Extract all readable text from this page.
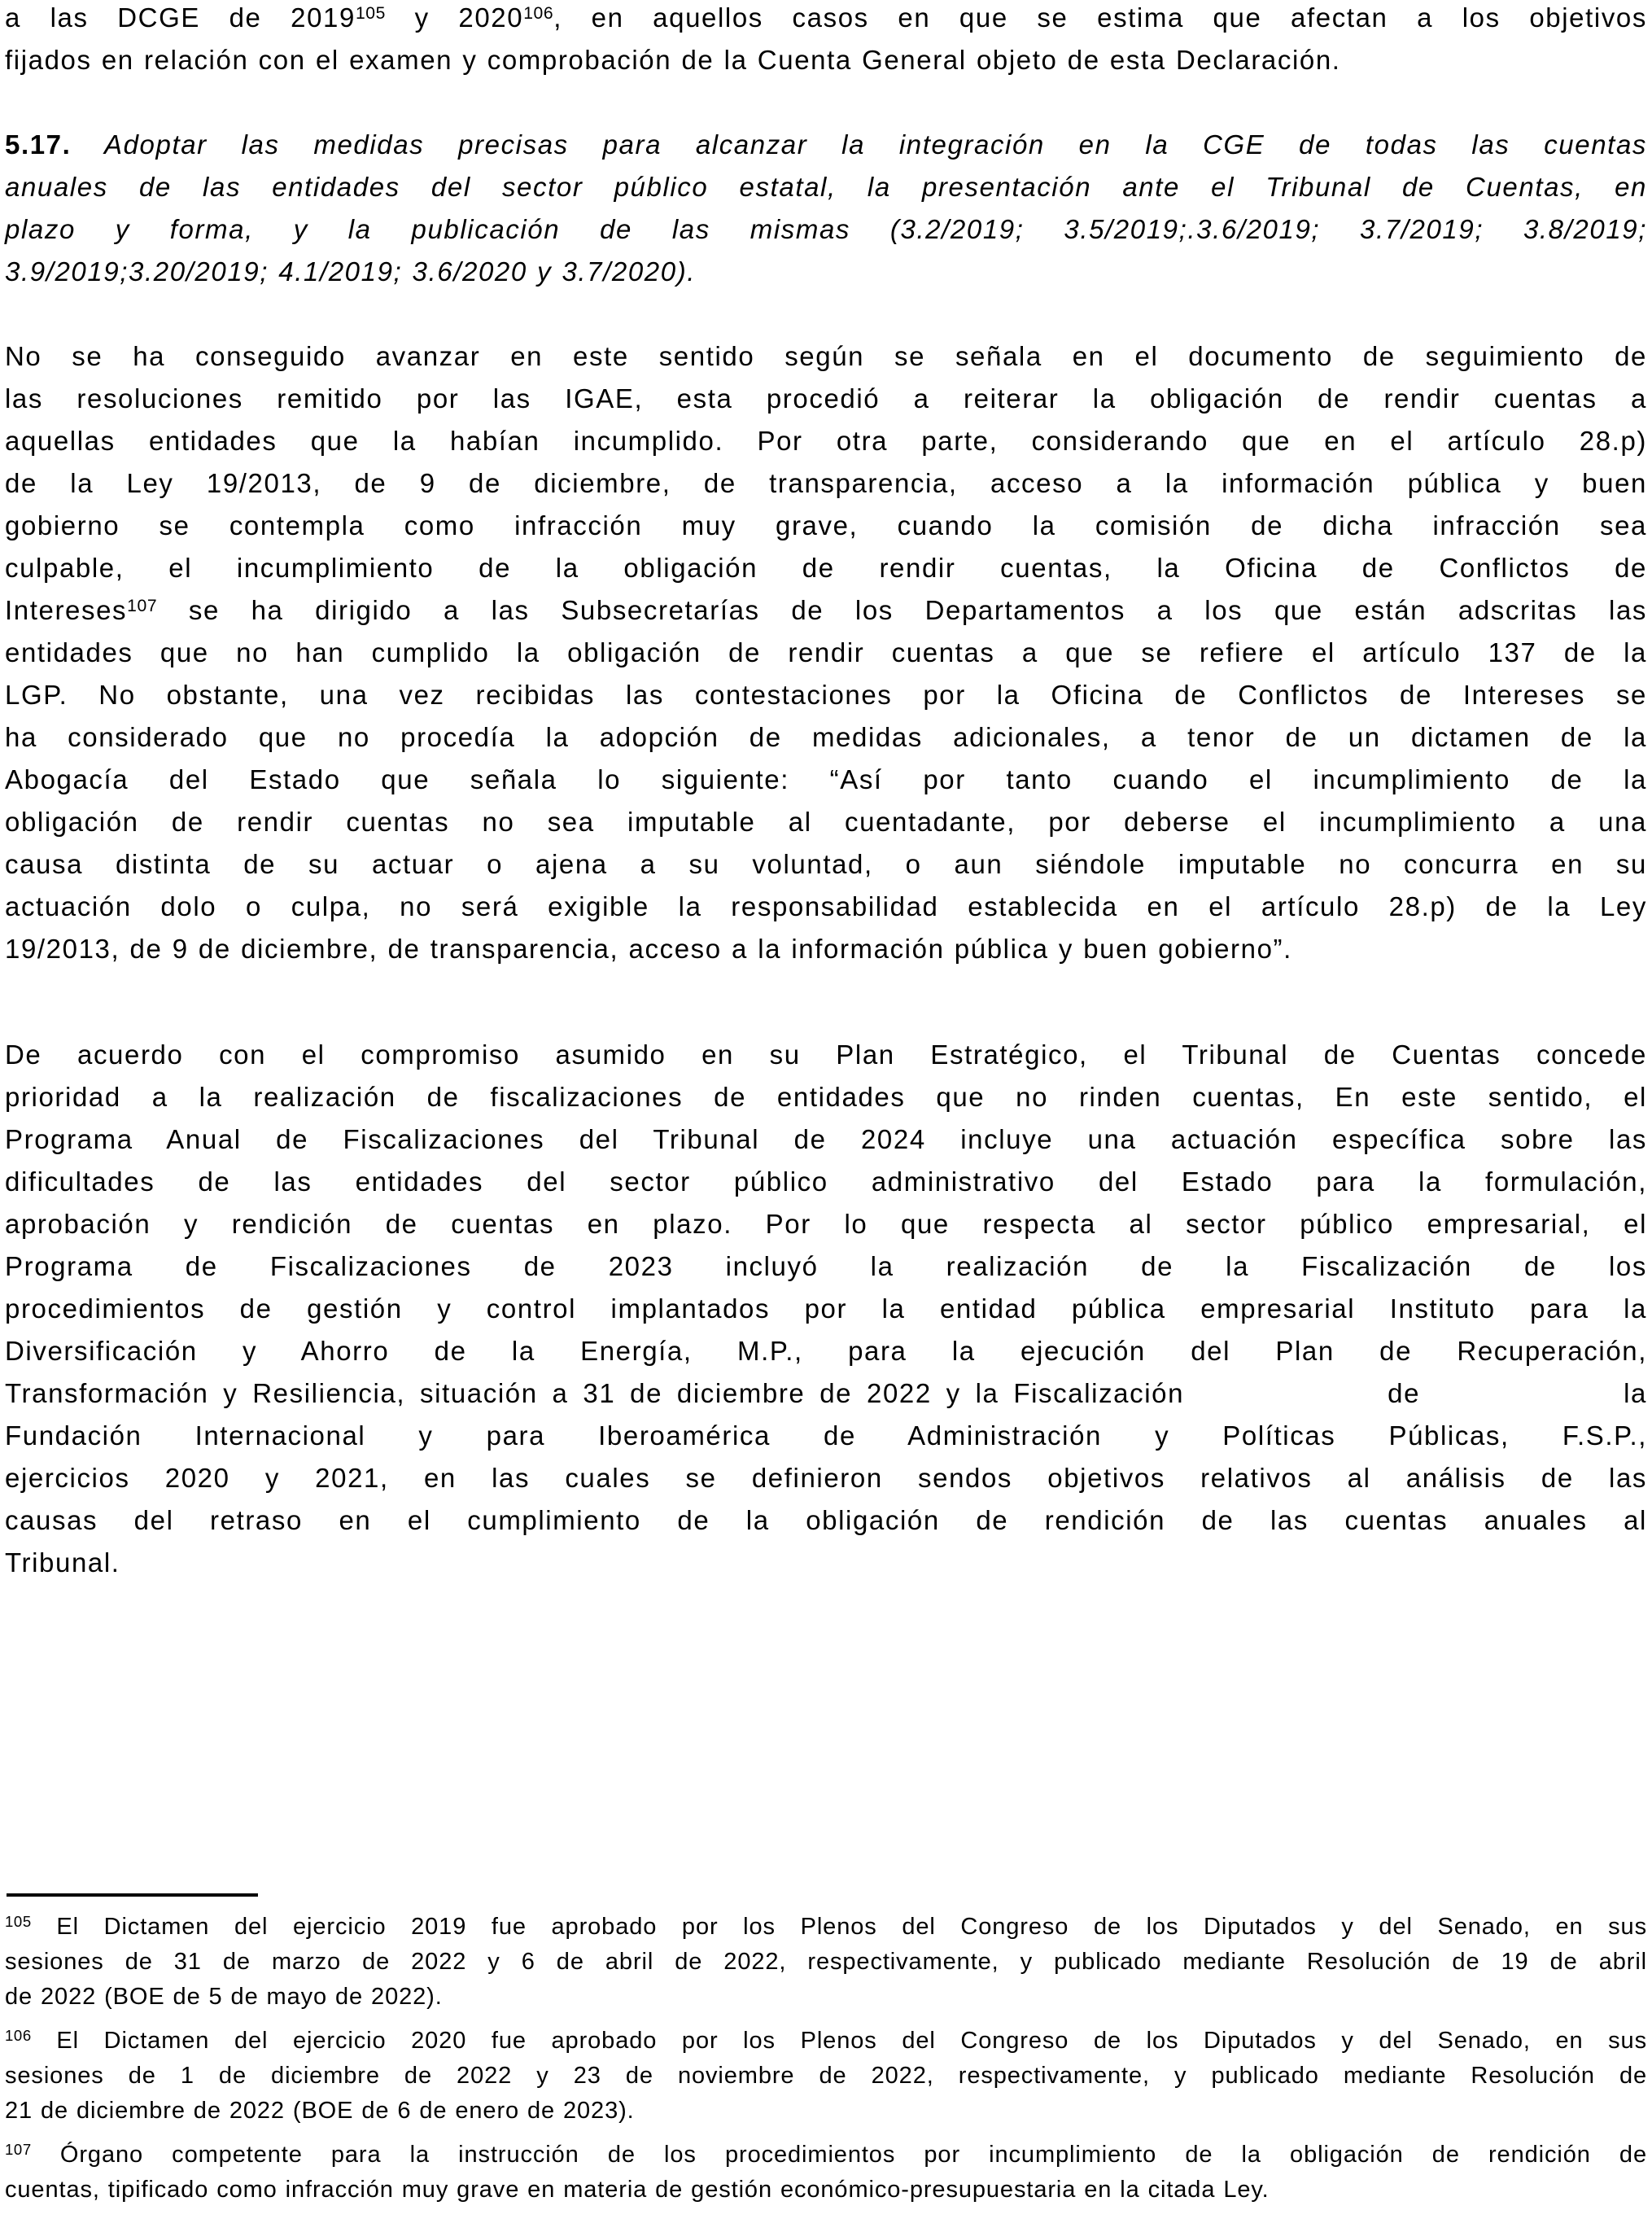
a las DCGE de 2019$^{105}$ y 2020$^{106}$, en aquellos casos en que se estima que afectan a los objetivos
fijados en relación con el examen y comprobación de la Cuenta General objeto de esta Declaración.
5.17. Adoptar las medidas precisas para alcanzar la integración en la CGE de todas las cuentas
anuales de las entidades del sector público estatal, la presentación ante el Tribunal de Cuentas, en
plazo y forma, y la publicación de las mismas (3.2/2019; 3.5/2019;.3.6/2019; 3.7/2019; 3.8/2019;
3.9/2019;3.20/2019; 4.1/2019; 3.6/2020 y 3.7/2020).
No se ha conseguido avanzar en este sentido según se señala en el documento de seguimiento de
las resoluciones remitido por las IGAE, esta procedió a reiterar la obligación de rendir cuentas a
aquellas entidades que la habían incumplido. Por otra parte, considerando que en el artículo 28.p)
de la Ley 19/2013, de 9 de diciembre, de transparencia, acceso a la información pública y buen
gobierno se contempla como infracción muy grave, cuando la comisión de dicha infracción sea
culpable, el incumplimiento de la obligación de rendir cuentas, la Oficina de Conflictos de
Intereses$^{107}$ se ha dirigido a las Subsecretarías de los Departamentos a los que están adscritas las
entidades que no han cumplido la obligación de rendir cuentas a que se refiere el artículo 137 de la
LGP. No obstante, una vez recibidas las contestaciones por la Oficina de Conflictos de Intereses se
ha considerado que no procedía la adopción de medidas adicionales, a tenor de un dictamen de la
Abogacía del Estado que señala lo siguiente: “Así por tanto cuando el incumplimiento de la
obligación de rendir cuentas no sea imputable al cuentadante, por deberse el incumplimiento a una
causa distinta de su actuar o ajena a su voluntad, o aun siéndole imputable no concurra en su
actuación dolo o culpa, no será exigible la responsabilidad establecida en el artículo 28.p) de la Ley
19/2013, de 9 de diciembre, de transparencia, acceso a la información pública y buen gobierno”.
De acuerdo con el compromiso asumido en su Plan Estratégico, el Tribunal de Cuentas concede
prioridad a la realización de fiscalizaciones de entidades que no rinden cuentas, En este sentido, el
Programa Anual de Fiscalizaciones del Tribunal de 2024 incluye una actuación específica sobre las
dificultades de las entidades del sector público administrativo del Estado para la formulación,
aprobación y rendición de cuentas en plazo. Por lo que respecta al sector público empresarial, el
Programa de Fiscalizaciones de 2023 incluyó la realización de la Fiscalización de los
procedimientos de gestión y control implantados por la entidad pública empresarial Instituto para la
Diversificación y Ahorro de la Energía, M.P., para la ejecución del Plan de Recuperación,
Transformación y Resiliencia, situación a 31 de diciembre de 2022 y la Fiscalización              de              la
Fundación Internacional y para Iberoamérica de Administración y Políticas Públicas, F.S.P.,
ejercicios 2020 y 2021, en las cuales se definieron sendos objetivos relativos al análisis de las
causas del retraso en el cumplimiento de la obligación de rendición de las cuentas anuales al
Tribunal.
$^{105}$ El Dictamen del ejercicio 2019 fue aprobado por los Plenos del Congreso de los Diputados y del Senado, en sus
sesiones de 31 de marzo de 2022 y 6 de abril de 2022, respectivamente, y publicado mediante Resolución de 19 de abril
de 2022 (BOE de 5 de mayo de 2022).
$^{106}$ El Dictamen del ejercicio 2020 fue aprobado por los Plenos del Congreso de los Diputados y del Senado, en sus
sesiones de 1 de diciembre de 2022 y 23 de noviembre de 2022, respectivamente, y publicado mediante Resolución de
21 de diciembre de 2022 (BOE de 6 de enero de 2023).
$^{107}$ Órgano competente para la instrucción de los procedimientos por incumplimiento de la obligación de rendición de
cuentas, tipificado como infracción muy grave en materia de gestión económico-presupuestaria en la citada Ley.
